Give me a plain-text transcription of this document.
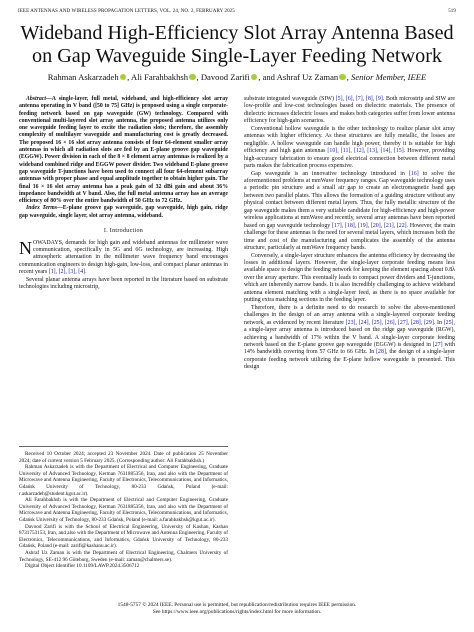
IEEE ANTENNAS AND WIRELESS PROPAGATION LETTERS, VOL. 24, NO. 2, FEBRUARY 2025	519
Wideband High-Efficiency Slot Array Antenna Based on Gap Waveguide Single-Layer Feeding Network
Rahman Askarzadeh , Ali Farahbakhsh , Davood Zarifi , and Ashraf Uz Zaman , Senior Member, IEEE

Abstract—A single-layer, full metal, wideband, and high-efficiency slot array antenna operating in V band ([50 to 75] GHz) is proposed using a single corporate-feeding network based on gap waveguide (GW) technology. Compared with conventional multi-layered slot array antenna, the proposed antenna utilizes only one waveguide feeding layer to excite the radiation slots; therefore, the assembly complexity of multilayer waveguide and manufacturing cost is greatly decreased. The proposed 16 × 16 slot array antenna consists of four 64-element smaller array antennas in which all radiation slots are fed by an E-plane groove gap waveguide (EGGW). Power division in each of the 8 × 8 element array antennas is realized by a wideband combined ridge and EGGW power divider. Two wideband E-plane groove gap waveguide T-junctions have been used to connect all four 64-element subarray antennas with proper phase and equal amplitude together to obtain higher gain. The final 16 × 16 slot array antenna has a peak gain of 32 dBi gain and about 36% impedance bandwidth at V band. Also, the full metal antenna array has an average efficiency of 80% over the entire bandwidth of 50 GHz to 72 GHz.

Index Terms—E-plane groove gap waveguide, gap waveguide, high gain, ridge gap waveguide, single layer, slot array antenna, wideband.

I. Introduction

NOWADAYS, demands for high gain and wideband antennas for millimeter wave communication, specifically in 5G and 6G technology, are increasing. High atmospheric attenuation in the millimeter wave frequency band encourages communication engineers to design high-gain, low-loss, and compact planar antennas in recent years [1], [2], [3], [4].

Several planar antenna arrays have been reported in the literature based on substrate technologies including microstrip,

Received 10 October 2024; accepted 23 November 2024. Date of publication 25 November 2024; date of current version 5 February 2025. (Corresponding author: Ali Farahbakhsh.)

Rahman Askarzadeh is with the Department of Electrical and Computer Engineering, Graduate University of Advanced Technology, Kerman 7631885356, Iran, and also with the Department of Microwave and Antenna Engineering, Faculty of Electronics, Telecommunications, and Informatics, Gdańsk University of Technology, 80-233 Gdańsk, Poland (e-mail: r.askarzadeh@student.kgut.ac.ir).

Ali Farahbakhsh is with the Department of Electrical and Computer Engineering, Graduate University of Advanced Technology, Kerman 7631885356, Iran, and also with the Department of Microwave and Antenna Engineering, Faculty of Electronics, Telecommunications, and Informatics, Gdańsk University of Technology, 80-233 Gdańsk, Poland (e-mail: a.farahbakhsh@kgut.ac.ir).

Davood Zarifi is with the School of Electrical Engineering, University of Kashan, Kashan 8731753153, Iran, and also with the Department of Microwave and Antenna Engineering, Faculty of Electronics, Telecommunications, and Informatics, Gdańsk University of Technology, 80-233 Gdańsk, Poland (e-mail: zarifi@kashanu.ac.ir).

Ashraf Uz Zaman is with the Department of Electrical Engineering, Chalmers University of Technology, SE-412 96 Göteborg, Sweden (e-mail: zaman@chalmers.se).

Digital Object Identifier 10.1109/LAWP.2024.3506712

substrate integrated waveguide (SIW) [5], [6], [7], [8], [9]. Both microstrip and SIW are low-profile and low-cost technologies based on dielectric materials. The presence of dielectric increases dielectric losses and makes both categories suffer from lower antenna efficiency for high-gain scenarios.

Conventional hollow waveguide is the other technology to realize planar slot array antennas with higher efficiency. As these structures are fully metallic, the losses are negligible. A hollow waveguide can handle high power, thereby it is suitable for high efficiency and high gain antennas [10], [11], [12], [13], [14], [15]. However, providing high-accuracy fabrication to ensure good electrical connection between different metal parts makes the fabrication process expensive.

Gap waveguide is an innovative technology introduced in [16] to solve the aforementioned problems at mmWave frequency ranges. Gap waveguide technology uses a periodic pin structure and a small air gap to create an electromagnetic band gap between two parallel plates. This allows the formation of a guiding structure without any physical contact between different metal layers. Thus, the fully metallic structure of the gap waveguide makes them a very suitable candidate for high-efficiency and high-power wireless applications at mmWave and recently, several array antennas have been reported based on gap waveguide technology [17], [18], [19], [20], [21], [22]. However, the main challenge for these antennas is the need for several metal layers, which increases both the time and cost of the manufacturing and complicates the assembly of the antenna structure, particularly at mmWave frequency bands.

Conversely, a single-layer structure enhances the antenna efficiency by decreasing the losses in additional layers. However, the single-layer corporate feeding means less available space to design the feeding network for keeping the element spacing about 0.8λ over the array aperture. This eventually leads to compact power dividers and T-junctions, which are inherently narrow bands. It is also incredibly challenging to achieve wideband antenna element matching with a single-layer feed, as there is no space available for putting extra matching sections in the feeding layer.

Therefore, there is a definite need to do research to solve the above-mentioned challenges in the design of an array antenna with a single-layered corporate feeding network, as evidenced by recent literature [23], [24], [25], [26], [27], [28], [29]. In [25], a single-layer array antenna is introduced based on the ridge gap waveguide (RGW), achieving a bandwidth of 17% within the V band. A single-layer corporate feeding network based on the E-plane groove gap waveguide (EGGW) is designed in [27] with 14% bandwidth covering from 57 GHz to 66 GHz. In [28], the design of a single-layer corporate feeding network utilizing the E-plane hollow waveguide is presented. This design

1548-5757 © 2024 IEEE. Personal use is permitted, but republication/redistribution requires IEEE permission.
See https://www.ieee.org/publications/rights/index.html for more information.
